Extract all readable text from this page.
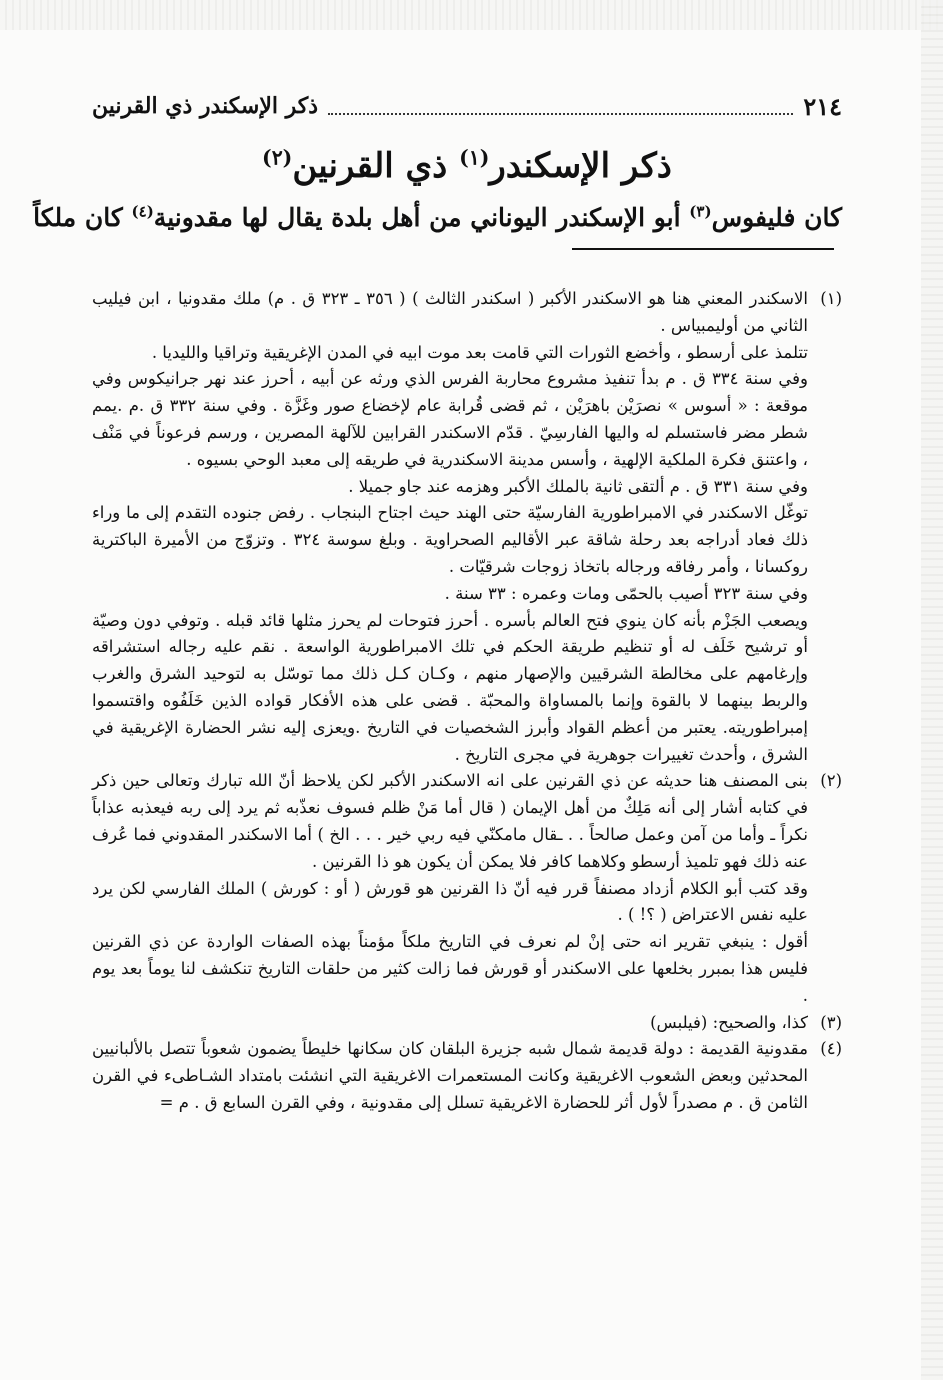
٢١٤
ذكر الإسكندر ذي القرنين
ذكر الإسكندر$^{(١)}$ ذي القرنين$^{(٢)}$
كان فليفوس$^{(٣)}$ أبو الإسكندر اليوناني من أهل بلدة يقال لها مقدونية$^{(٤)}$ كان ملكاً

(١)
الاسكندر المعني هنا هو الاسكندر الأكبر ( اسكندر الثالث ) ( ٣٥٦ ـ ٣٢٣ ق . م) ملك مقدونيا ، ابن فيليب الثاني من أوليمبياس .

تتلمذ على أرسطو ، وأخضع الثورات التي قامت بعد موت ابيه في المدن الإغريقية وتراقيا والليديا .

وفي سنة ٣٣٤ ق . م بدأ تنفيذ مشروع محاربة الفرس الذي ورثه عن أبيه ، أحرز عند نهر جرانيكوس وفي موقعة : « أسوس » نصرَيْن باهرَيْن ، ثم قضى قُرابة عام لإخضاع صور وغَزَّة . وفي سنة ٣٣٢ ق .م .يمم شطر مضر فاستسلم له واليها الفارسِيّ . قدّم الاسكندر القرابين للآلهة المصرين ، ورسم فرعوناً في مَنْف ، واعتنق فكرة الملكية الإلهية ، وأسس مدينة الاسكندرية في طريقه إلى معبد الوحي بسيوه .

وفي سنة ٣٣١ ق . م ألتقى ثانية بالملك الأكبر وهزمه عند جاو جميلا .

توغّل الاسكندر في الامبراطورية الفارسيّة حتى الهند حيث اجتاح البنجاب . رفض جنوده التقدم إلى ما وراء ذلك فعاد أدراجه بعد رحلة شاقة عبر الأقاليم الصحراوية . وبلغ سوسة ٣٢٤ . وتزوّج من الأميرة الباكترية روكسانا ، وأمر رفاقه ورجاله باتخاذ زوجات شرقيّات .

وفي سنة ٣٢٣ أصيب بالحمّى ومات وعمره : ٣٣ سنة .

ويصعب الجَزْم بأنه كان ينوي فتح العالم بأسره . أحرز فتوحات لم يحرز مثلها قائد قبله . وتوفي دون وصيّة أو ترشيح خَلَف له أو تنظيم طريقة الحكم في تلك الامبراطورية الواسعة . نقم عليه رجاله استشراقه وإرغامهم على مخالطة الشرقيين والإصهار منهم ، وكـان كـل ذلك مما توسّل به لتوحيد الشرق والغرب والربط بينهما لا بالقوة وإنما بالمساواة والمحبّة . قضى على هذه الأفكار قواده الذين خَلَفُوه واقتسموا إمبراطوريته. يعتبر من أعظم القواد وأبرز الشخصيات في التاريخ .ويعزى إليه نشر الحضارة الإغريقية في الشرق ، وأحدث تغييرات جوهرية في مجرى التاريخ .

(٢)
بنى المصنف هنا حديثه عن ذي القرنين على انه الاسكندر الأكبر لكن يلاحظ أنّ الله تبارك وتعالى حين ذكر في كتابه أشار إلى أنه مَلِكٌ من أهل الإيمان ( قال أما مَنْ ظلم فسوف نعذّبه ثم يرد إلى ربه فيعذبه عذاباً نكراً ـ وأما من آمن وعمل صالحاً . . ـقال مامكنّي فيه ربي خير . . . الخ ) أما الاسكندر المقدوني فما عُرف عنه ذلك فهو تلميذ أرسطو وكلاهما كافر فلا يمكن أن يكون هو ذا القرنين .

وقد كتب أبو الكلام أزداد مصنفاً قرر فيه أنّ ذا القرنين هو قورش ( أو : كورش ) الملك الفارسي لكن يرد عليه نفس الاعتراض ( ؟! ) .

أقول : ينبغي تقرير انه حتى إنْ لم نعرف في التاريخ ملكاً مؤمناً بهذه الصفات الواردة عن ذي القرنين فليس هذا بمبرر بخلعها على الاسكندر أو قورش فما زالت كثير من حلقات التاريخ تنكشف لنا يوماً بعد يوم .

(٣)
كذا، والصحيح: (فيلبس)

(٤)
مقدونية القديمة : دولة قديمة شمال شبه جزيرة البلقان كان سكانها خليطاً يضمون شعوباً تتصل بالألبانيين المحدثين وبعض الشعوب الاغريقية وكانت المستعمرات الاغريقية التي انشئت بامتداد الشـاطىء في القرن الثامن ق . م مصدراً لأول أثر للحضارة الاغريقية تسلل إلى مقدونية ، وفي القرن السابع ق . م =
